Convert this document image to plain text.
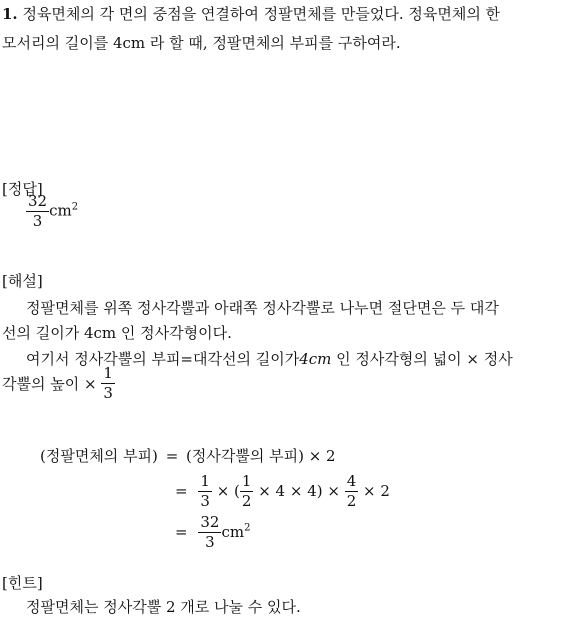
1. 정육면체의 각 면의 중점을 연결하여 정팔면체를 만들었다. 정육면체의 한
모서리의 길이를 4cm 라 할 때, 정팔면체의 부피를 구하여라.
[정답]
$\frac{32}{3} cm^2$
[해설]
정팔면체를 위쪽 정사각뿔과 아래쪽 정사각뿔로 나누면 절단면은 두 대각
선의 길이가 4cm 인 정사각형이다.
여기서 정사각뿔의 부피=대각선의 길이가4cm 인 정사각형의 넓이 × 정사
각뿔의 높이 × $\frac{1}{3}$
(정팔면체의 부피) = (정사각뿔의 부피) × 2
= $\frac{1}{3}$ × ( $\frac{1}{2} \times 4 \times 4) \times \frac{4}{2} \times 2$
= $\frac{32}{3} cm^2$
[힌트]
정팔면체는 정사각뿔 2 개로 나눌 수 있다.
